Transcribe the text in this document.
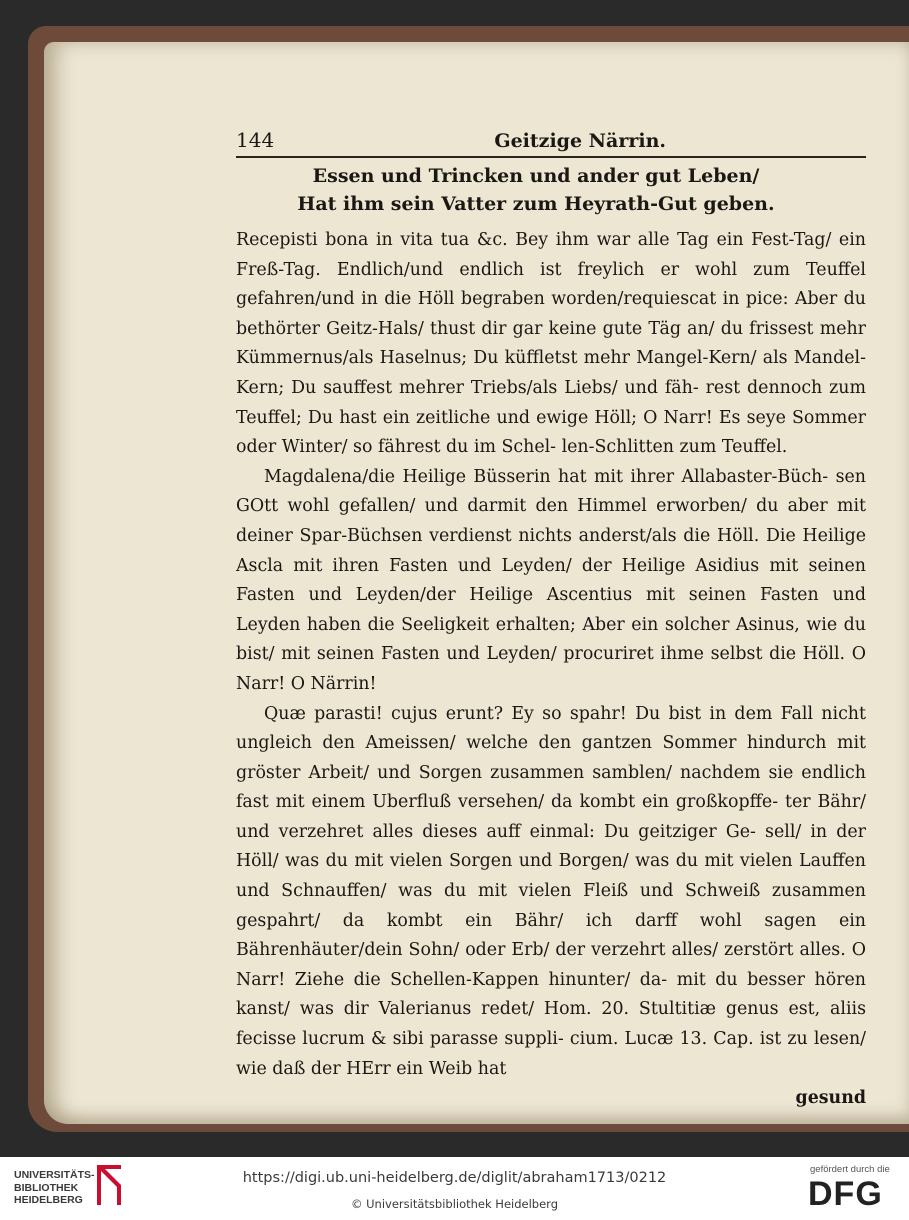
144	Geitzige Närrin.
Essen und Trincken und ander gut Leben/
Hat ihm sein Vatter zum Heyrath-Gut geben.

Recepisti bona in vita tua &c. Bey ihm war alle Tag ein Fest-Tag/ ein Freß-Tag. Endlich/und endlich ist freylich er wohl zum Teuffel gefahren/und in die Höll begraben worden/requiescat in pice: Aber du bethörter Geitz-Hals/ thust dir gar keine gute Täg an/ du frissest mehr Kümmernus/als Haselnus; Du küffletst mehr Mangel-Kern/ als Mandel-Kern; Du sauffest mehrer Triebs/als Liebs/ und fäh- rest dennoch zum Teuffel; Du hast ein zeitliche und ewige Höll; O Narr! Es seye Sommer oder Winter/ so fährest du im Schel- len-Schlitten zum Teuffel.

Magdalena/die Heilige Büsserin hat mit ihrer Allabaster-Büch- sen GOtt wohl gefallen/ und darmit den Himmel erworben/ du aber mit deiner Spar-Büchsen verdienst nichts anderst/als die Höll. Die Heilige Ascla mit ihren Fasten und Leyden/ der Heilige Asidius mit seinen Fasten und Leyden/der Heilige Ascentius mit seinen Fasten und Leyden haben die Seeligkeit erhalten; Aber ein solcher Asinus, wie du bist/ mit seinen Fasten und Leyden/ procuriret ihme selbst die Höll. O Narr! O Närrin!

Quæ parasti! cujus erunt? Ey so spahr! Du bist in dem Fall nicht ungleich den Ameissen/ welche den gantzen Sommer hindurch mit gröster Arbeit/ und Sorgen zusammen samblen/ nachdem sie endlich fast mit einem Uberfluß versehen/ da kombt ein großkopffe- ter Bähr/ und verzehret alles dieses auff einmal: Du geitziger Ge- sell/ in der Höll/ was du mit vielen Sorgen und Borgen/ was du mit vielen Lauffen und Schnauffen/ was du mit vielen Fleiß und Schweiß zusammen gespahrt/ da kombt ein Bähr/ ich darff wohl sagen ein Bährenhäuter/dein Sohn/ oder Erb/ der verzehrt alles/ zerstört alles. O Narr! Ziehe die Schellen-Kappen hinunter/ da- mit du besser hören kanst/ was dir Valerianus redet/ Hom. 20. Stultitiæ genus est, aliis fecisse lucrum & sibi parasse suppli- cium. Lucæ 13. Cap. ist zu lesen/ wie daß der HErr ein Weib hat

gesund
UNIVERSITÄTS-
BIBLIOTHEK
HEIDELBERG
https://digi.ub.uni-heidelberg.de/diglit/abraham1713/0212
© Universitätsbibliothek Heidelberg
gefördert durch die
DFG
